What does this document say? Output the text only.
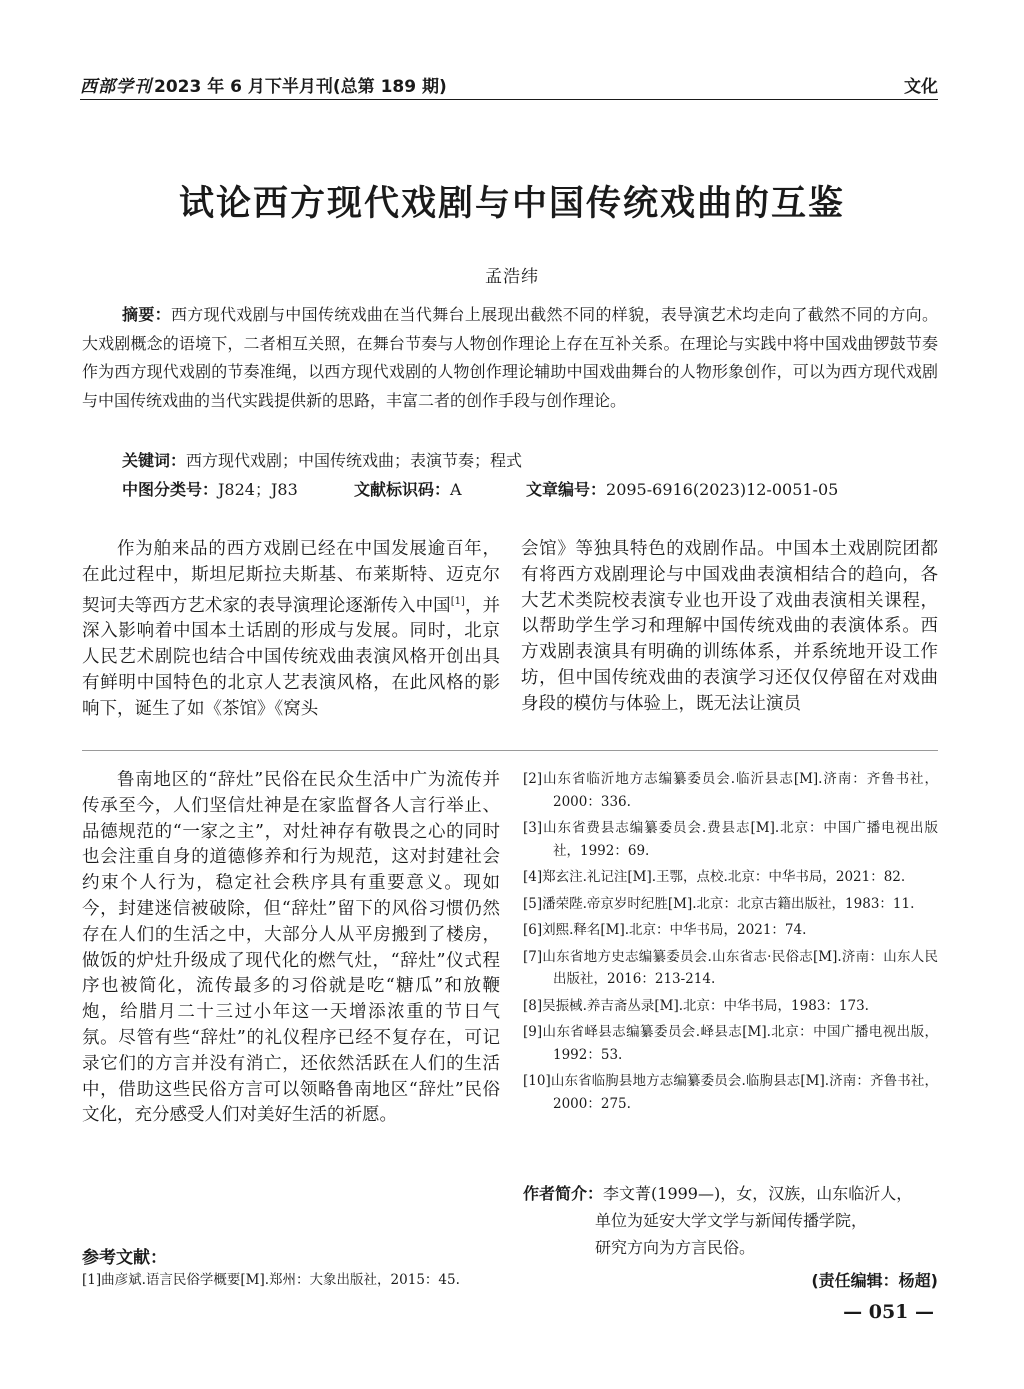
西部学刊 2023 年 6 月下半月刊(总第 189 期)	文化
试论西方现代戏剧与中国传统戏曲的互鉴
孟浩纬
摘要：西方现代戏剧与中国传统戏曲在当代舞台上展现出截然不同的样貌，表导演艺术均走向了截然不同的方向。大戏剧概念的语境下，二者相互关照，在舞台节奏与人物创作理论上存在互补关系。在理论与实践中将中国戏曲锣鼓节奏作为西方现代戏剧的节奏准绳，以西方现代戏剧的人物创作理论辅助中国戏曲舞台的人物形象创作，可以为西方现代戏剧与中国传统戏曲的当代实践提供新的思路，丰富二者的创作手段与创作理论。
关键词：西方现代戏剧；中国传统戏曲；表演节奏；程式
中图分类号：J824；J83	文献标识码：A	文章编号：2095-6916(2023)12-0051-05

作为舶来品的西方戏剧已经在中国发展逾百年，在此过程中，斯坦尼斯拉夫斯基、布莱斯特、迈克尔契诃夫等西方艺术家的表导演理论逐渐传入中国[1]，并深入影响着中国本土话剧的形成与发展。同时，北京人民艺术剧院也结合中国传统戏曲表演风格开创出具有鲜明中国特色的北京人艺表演风格，在此风格的影响下，诞生了如《茶馆》《窝头

会馆》等独具特色的戏剧作品。中国本土戏剧院团都有将西方戏剧理论与中国戏曲表演相结合的趋向，各大艺术类院校表演专业也开设了戏曲表演相关课程，以帮助学生学习和理解中国传统戏曲的表演体系。西方戏剧表演具有明确的训练体系，并系统地开设工作坊，但中国传统戏曲的表演学习还仅仅停留在对戏曲身段的模仿与体验上，既无法让演员

鲁南地区的“辞灶”民俗在民众生活中广为流传并传承至今，人们坚信灶神是在家监督各人言行举止、品德规范的“一家之主”，对灶神存有敬畏之心的同时也会注重自身的道德修养和行为规范，这对封建社会约束个人行为，稳定社会秩序具有重要意义。现如今，封建迷信被破除，但“辞灶”留下的风俗习惯仍然存在人们的生活之中，大部分人从平房搬到了楼房，做饭的炉灶升级成了现代化的燃气灶，“辞灶”仪式程序也被简化，流传最多的习俗就是吃“糖瓜”和放鞭炮，给腊月二十三过小年这一天增添浓重的节日气氛。尽管有些“辞灶”的礼仪程序已经不复存在，可记录它们的方言并没有消亡，还依然活跃在人们的生活中，借助这些民俗方言可以领略鲁南地区“辞灶”民俗文化，充分感受人们对美好生活的祈愿。

参考文献：
[1]曲彦斌.语言民俗学概要[M].郑州：大象出版社，2015：45.
[2]山东省临沂地方志编纂委员会.临沂县志[M].济南：齐鲁书社，2000：336.
[3]山东省费县志编纂委员会.费县志[M].北京：中国广播电视出版社，1992：69.
[4]郑玄注.礼记注[M].王鄂，点校.北京：中华书局，2021：82.
[5]潘荣陛.帝京岁时纪胜[M].北京：北京古籍出版社，1983：11.
[6]刘熙.释名[M].北京：中华书局，2021：74.
[7]山东省地方史志编纂委员会.山东省志·民俗志[M].济南：山东人民出版社，2016：213-214.
[8]吴振棫.养吉斋丛录[M].北京：中华书局，1983：173.
[9]山东省峄县志编纂委员会.峄县志[M].北京：中国广播电视出版，1992：53.
[10]山东省临朐县地方志编纂委员会.临朐县志[M].济南：齐鲁书社，2000：275.
作者简介：李文菁(1999—)，女，汉族，山东临沂人，
单位为延安大学文学与新闻传播学院，
研究方向为方言民俗。
(责任编辑：杨超)
— 051 —
